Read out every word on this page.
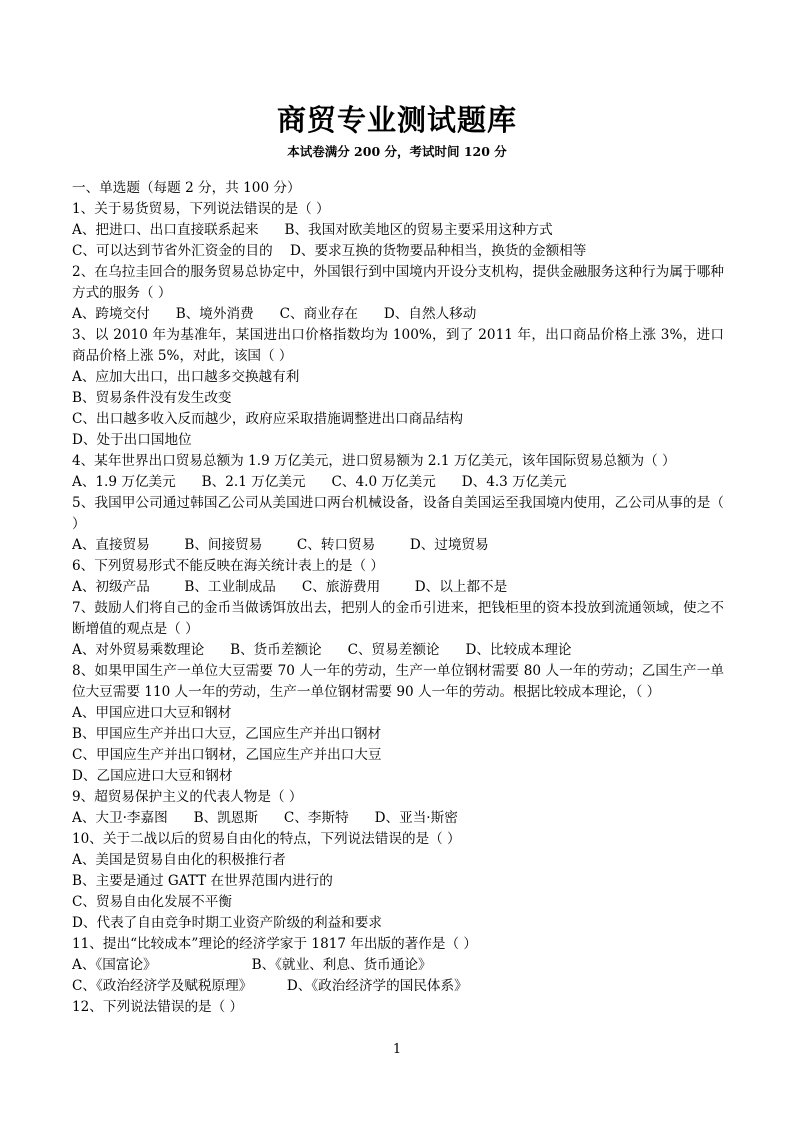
商贸专业测试题库
本试卷满分 200 分，考试时间 120 分
一、单选题（每题 2 分，共 100 分）
1、关于易货贸易，下列说法错误的是（ ）
A、把进口、出口直接联系起来      B、我国对欧美地区的贸易主要采用这种方式
C、可以达到节省外汇资金的目的    D、要求互换的货物要品种相当，换货的金额相等
2、在乌拉圭回合的服务贸易总协定中，外国银行到中国境内开设分支机构，提供金融服务这种行为属于哪种方式的服务（ ）
A、跨境交付      B、境外消费      C、商业存在      D、自然人移动
3、以 2010 年为基准年，某国进出口价格指数均为 100%，到了 2011 年，出口商品价格上涨 3%，进口商品价格上涨 5%，对此，该国（ ）
A、应加大出口，出口越多交换越有利
B、贸易条件没有发生改变
C、出口越多收入反而越少，政府应采取措施调整进出口商品结构
D、处于出口国地位
4、某年世界出口贸易总额为 1.9 万亿美元，进口贸易额为 2.1 万亿美元，该年国际贸易总额为（ ）
A、1.9 万亿美元      B、2.1 万亿美元      C、4.0 万亿美元      D、4.3 万亿美元
5、我国甲公司通过韩国乙公司从美国进口两台机械设备，设备自美国运至我国境内使用，乙公司从事的是（ ）
A、直接贸易        B、间接贸易        C、转口贸易        D、过境贸易
6、下列贸易形式不能反映在海关统计表上的是（ ）
A、初级产品        B、工业制成品      C、旅游费用        D、以上都不是
7、鼓励人们将自己的金币当做诱饵放出去，把别人的金币引进来，把钱柜里的资本投放到流通领域，使之不断增值的观点是（ ）
A、对外贸易乘数理论      B、货币差额论      C、贸易差额论      D、比较成本理论
8、如果甲国生产一单位大豆需要 70 人一年的劳动，生产一单位钢材需要 80 人一年的劳动；乙国生产一单位大豆需要 110 人一年的劳动，生产一单位钢材需要 90 人一年的劳动。根据比较成本理论，（ ）
A、甲国应进口大豆和钢材
B、甲国应生产并出口大豆，乙国应生产并出口钢材
C、甲国应生产并出口钢材，乙国应生产并出口大豆
D、乙国应进口大豆和钢材
9、超贸易保护主义的代表人物是（ ）
A、大卫·李嘉图      B、凯恩斯      C、李斯特      D、亚当·斯密
10、关于二战以后的贸易自由化的特点，下列说法错误的是（ ）
A、美国是贸易自由化的积极推行者
B、主要是通过 GATT 在世界范围内进行的
C、贸易自由化发展不平衡
D、代表了自由竞争时期工业资产阶级的利益和要求
11、提出“比较成本”理论的经济学家于 1817 年出版的著作是（ ）
A、《国富论》                      B、《就业、利息、货币通论》
C、《政治经济学及赋税原理》        D、《政治经济学的国民体系》
12、下列说法错误的是（ ）
1
